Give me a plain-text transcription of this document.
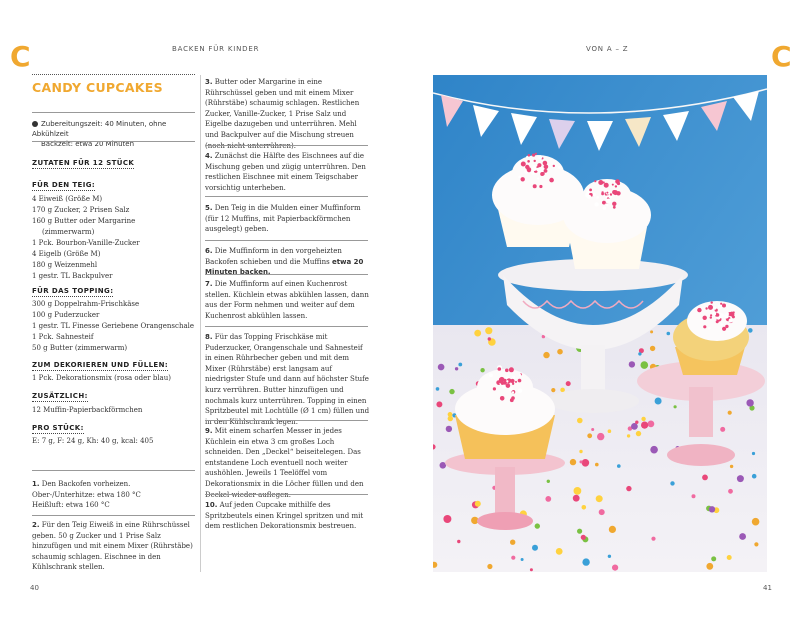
C	C
BACKEN FÜR KINDER	VON A – Z
CANDY CUPCAKES
Zubereitungszeit: 40 Minuten, ohne Abkühlzeit
Backzeit: etwa 20 Minuten
ZUTATEN FÜR 12 STÜCK
FÜR DEN TEIG:
4 Eiweiß (Größe M)
170 g Zucker, 2 Prisen Salz
160 g Butter oder Margarine
(zimmerwarm)
1 Pck. Bourbon-Vanille-Zucker
4 Eigelb (Größe M)
180 g Weizenmehl
1 gestr. TL Backpulver
FÜR DAS TOPPING:
300 g Doppelrahm-Frischkäse
100 g Puderzucker
1 gestr. TL Finesse Geriebene Orangenschale
1 Pck. Sahnesteif
50 g Butter (zimmerwarm)
ZUM DEKORIEREN UND FÜLLEN:
1 Pck. Dekorationsmix (rosa oder blau)
ZUSÄTZLICH:
12 Muffin-Papierbackförmchen
PRO STÜCK:
E: 7 g, F: 24 g, Kh: 40 g, kcal: 405
1. Den Backofen vorheizen.
Ober-/Unterhitze: etwa 180 °C
Heißluft: etwa 160 °C
2. Für den Teig Eiweiß in eine Rührschüssel geben. 50 g Zucker und 1 Prise Salz hinzufügen und mit einem Mixer (Rührstäbe) schaumig schlagen. Eischnee in den Kühlschrank stellen.
3. Butter oder Margarine in eine Rührschüssel geben und mit einem Mixer (Rührstäbe) schaumig schlagen. Restlichen Zucker, Vanille-Zucker, 1 Prise Salz und Eigelbe dazugeben und unterrühren. Mehl und Backpulver auf die Mischung streuen (noch nicht unterrühren).
4. Zunächst die Hälfte des Eischnees auf die Mischung geben und zügig unterrühren. Den restlichen Eischnee mit einem Teigschaber vorsichtig unterheben.
5. Den Teig in die Mulden einer Muffinform (für 12 Muffins, mit Papierbackförmchen ausgelegt) geben.
6. Die Muffinform in den vorgeheizten Backofen schieben und die Muffins etwa 20 Minuten backen.
7. Die Muffinform auf einen Kuchenrost stellen. Küchlein etwas abkühlen lassen, dann aus der Form nehmen und weiter auf dem Kuchenrost abkühlen lassen.
8. Für das Topping Frischkäse mit Puderzucker, Orangenschale und Sahnesteif in einen Rührbecher geben und mit dem Mixer (Rührstäbe) erst langsam auf niedrigster Stufe und dann auf höchster Stufe kurz verrühren. Butter hinzufügen und nochmals kurz unterrühren. Topping in einen Spritzbeutel mit Lochtülle (Ø 1 cm) füllen und in den Kühlschrank legen.
9. Mit einem scharfen Messer in jedes Küchlein ein etwa 3 cm großes Loch schneiden. Den „Deckel“ beiseitelegen. Das entstandene Loch eventuell noch weiter aushöhlen. Jeweils 1 Teelöffel vom Dekorationsmix in die Löcher füllen und den Deckel wieder auflegen.
10. Auf jeden Cupcake mithilfe des Spritzbeutels einen Kringel spritzen und mit dem restlichen Dekorationsmix bestreuen.
40	41
